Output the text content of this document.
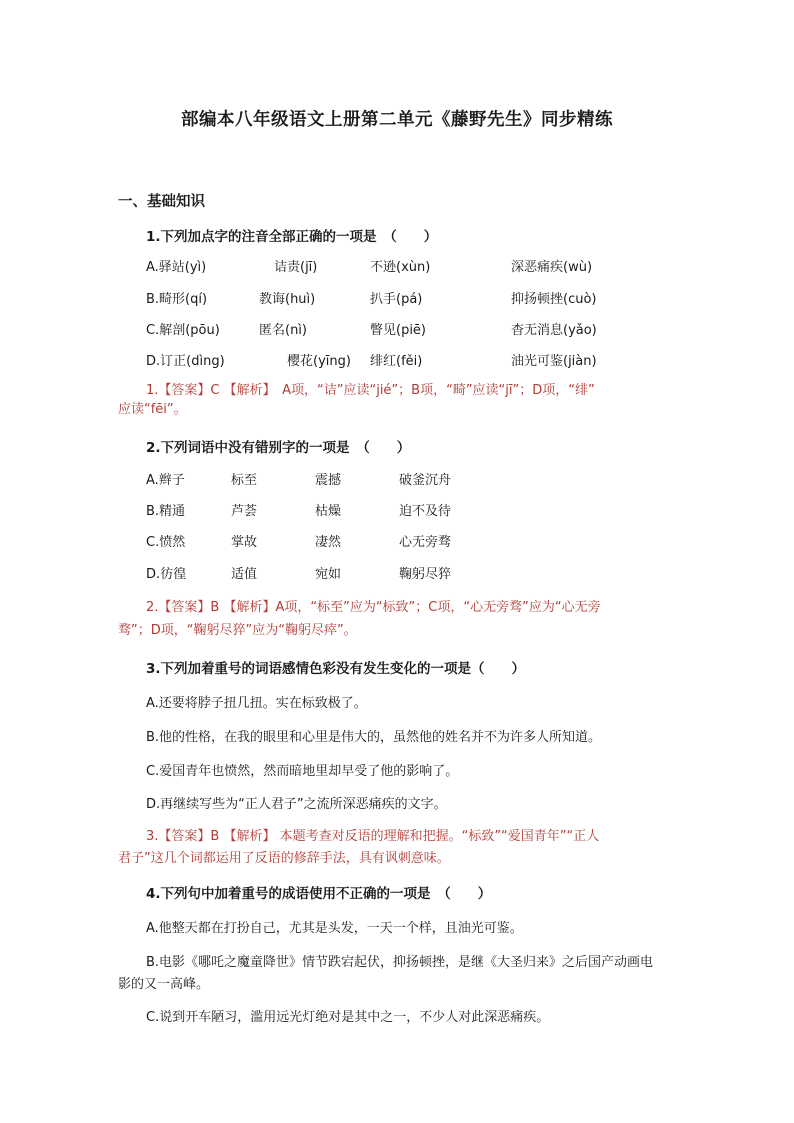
部编本八年级语文上册第二单元《藤野先生》同步精练
一、基础知识
1.下列加点字的注音全部正确的一项是　（　　）
A.驿站(yì)	诘责(jī)	不逊(xùn)	深恶痛疾(wù)
B.畸形(qí)	教诲(huì)	扒手(pá)	抑扬顿挫(cuò)
C.解剖(pōu)	匿名(nì)	瞥见(piē)	杳无消息(yǎo)
D.订正(dìng)	樱花(yīng) 绯红(fěi)	油光可鉴(jiàn)
1.【答案】C 【解析】　A项，“诘”应读“jié”；B项，“畸”应读“jī”；D项，“绯”
应读“fēi”。
2.下列词语中没有错别字的一项是　（　　）
A.辫子	标至	震撼	破釜沉舟
B.精通	芦荟	枯燥	迫不及待
C.愤然	掌故	凄然	心无旁骛
D.彷徨	适值	宛如	鞠躬尽猝
2.【答案】B 【解析】A项，“标至”应为“标致”；C项，“心无旁骛”应为“心无旁
骛”；D项，“鞠躬尽猝”应为“鞠躬尽瘁”。
3.下列加着重号的词语感情色彩没有发生变化的一项是（　　）
A.还要将脖子扭几扭。实在标致极了。
B.他的性格，在我的眼里和心里是伟大的，虽然他的姓名并不为许多人所知道。
C.爱国青年也愤然，然而暗地里却早受了他的影响了。
D.再继续写些为“正人君子”之流所深恶痛疾的文字。
3.【答案】B 【解析】 本题考查对反语的理解和把握。“标致”“爱国青年”“正人
君子”这几个词都运用了反语的修辞手法，具有讽刺意味。
4.下列句中加着重号的成语使用不正确的一项是　（　　）
A.他整天都在打扮自己，尤其是头发，一天一个样，且油光可鉴。
B.电影《哪吒之魔童降世》情节跌宕起伏，抑扬顿挫，是继《大圣归来》之后国产动画电
影的又一高峰。
C.说到开车陋习，滥用远光灯绝对是其中之一，不少人对此深恶痛疾。
